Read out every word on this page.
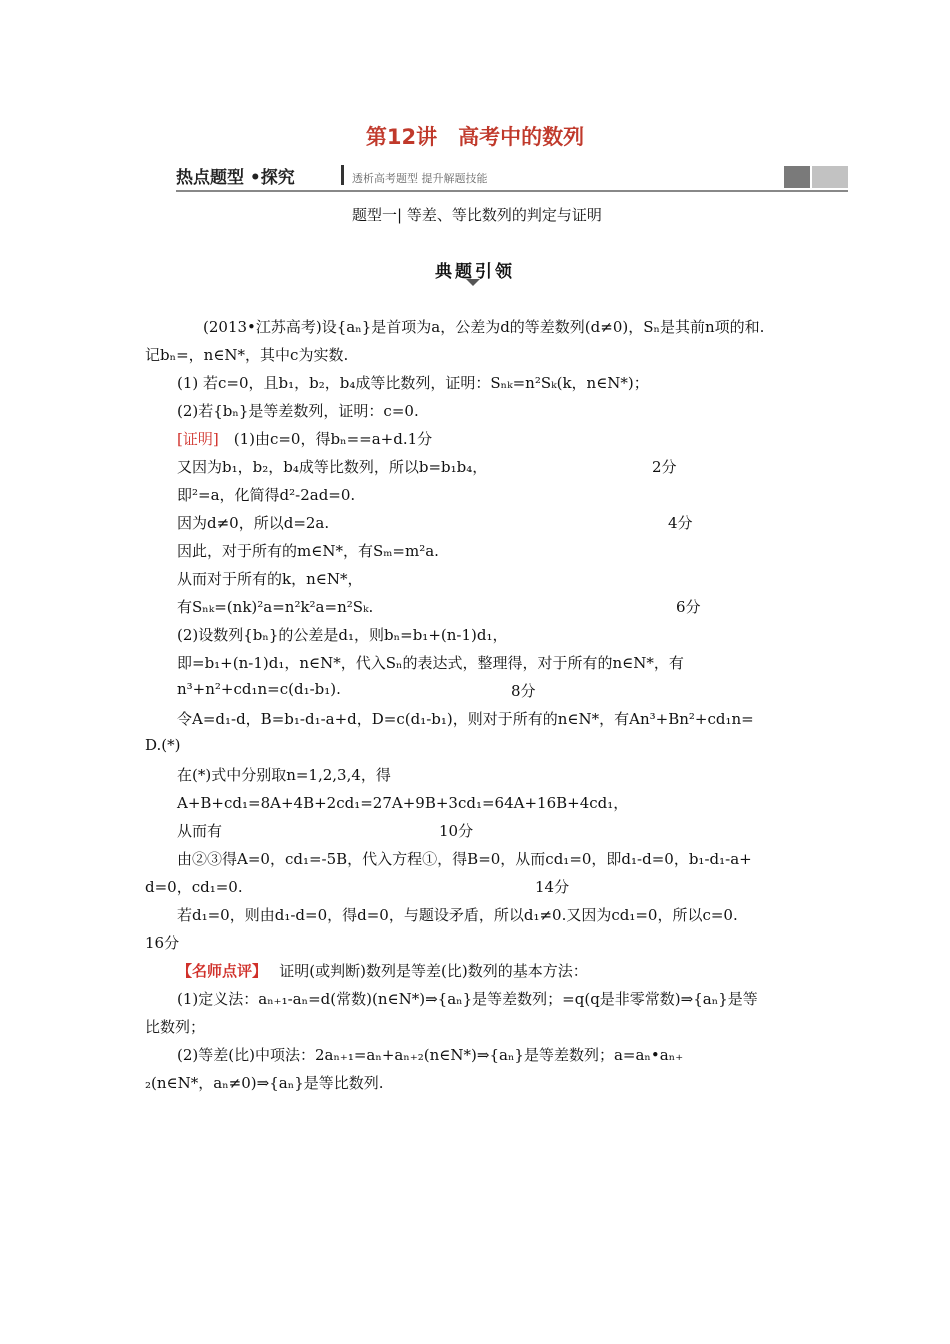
第12讲　高考中的数列
热点题型 •探究	透析高考题型 提升解题技能
题型一| 等差、等比数列的判定与证明
典题引领
(2013•江苏高考)设{aₙ}是首项为a，公差为d的等差数列(d≠0)，Sₙ是其前n项的和.
记bₙ=，n∈N*，其中c为实数.
(1) 若c=0，且b₁，b₂，b₄成等比数列，证明：Sₙₖ=n²Sₖ(k，n∈N*)；
(2)若{bₙ}是等差数列，证明：c=0.
[证明]　(1)由c=0，得bₙ==a+d.1分
又因为b₁，b₂，b₄成等比数列，所以b=b₁b₄，	2分
即²=a，化简得d²-2ad=0.
因为d≠0，所以d=2a.	4分
因此，对于所有的m∈N*，有Sₘ=m²a.
从而对于所有的k，n∈N*，
有Sₙₖ=(nk)²a=n²k²a=n²Sₖ.	6分
(2)设数列{bₙ}的公差是d₁，则bₙ=b₁+(n-1)d₁，
即=b₁+(n-1)d₁，n∈N*，代入Sₙ的表达式，整理得，对于所有的n∈N*，有
n³+n²+cd₁n=c(d₁-b₁).	8分
令A=d₁-d，B=b₁-d₁-a+d，D=c(d₁-b₁)，则对于所有的n∈N*，有An³+Bn²+cd₁n=
D.(*)
在(*)式中分别取n=1,2,3,4，得
A+B+cd₁=8A+4B+2cd₁=27A+9B+3cd₁=64A+16B+4cd₁，
从而有	10分
由②③得A=0，cd₁=-5B，代入方程①，得B=0，从而cd₁=0，即d₁-d=0，b₁-d₁-a+
d=0，cd₁=0.	14分
若d₁=0，则由d₁-d=0，得d=0，与题设矛盾，所以d₁≠0.又因为cd₁=0，所以c=0.
16分
【名师点评】　 证明(或判断)数列是等差(比)数列的基本方法：
(1)定义法：aₙ₊₁-aₙ=d(常数)(n∈N*)⇒{aₙ}是等差数列；=q(q是非零常数)⇒{aₙ}是等
比数列；
(2)等差(比)中项法：2aₙ₊₁=aₙ+aₙ₊₂(n∈N*)⇒{aₙ}是等差数列；a=aₙ•aₙ₊
₂(n∈N*，aₙ≠0)⇒{aₙ}是等比数列.
